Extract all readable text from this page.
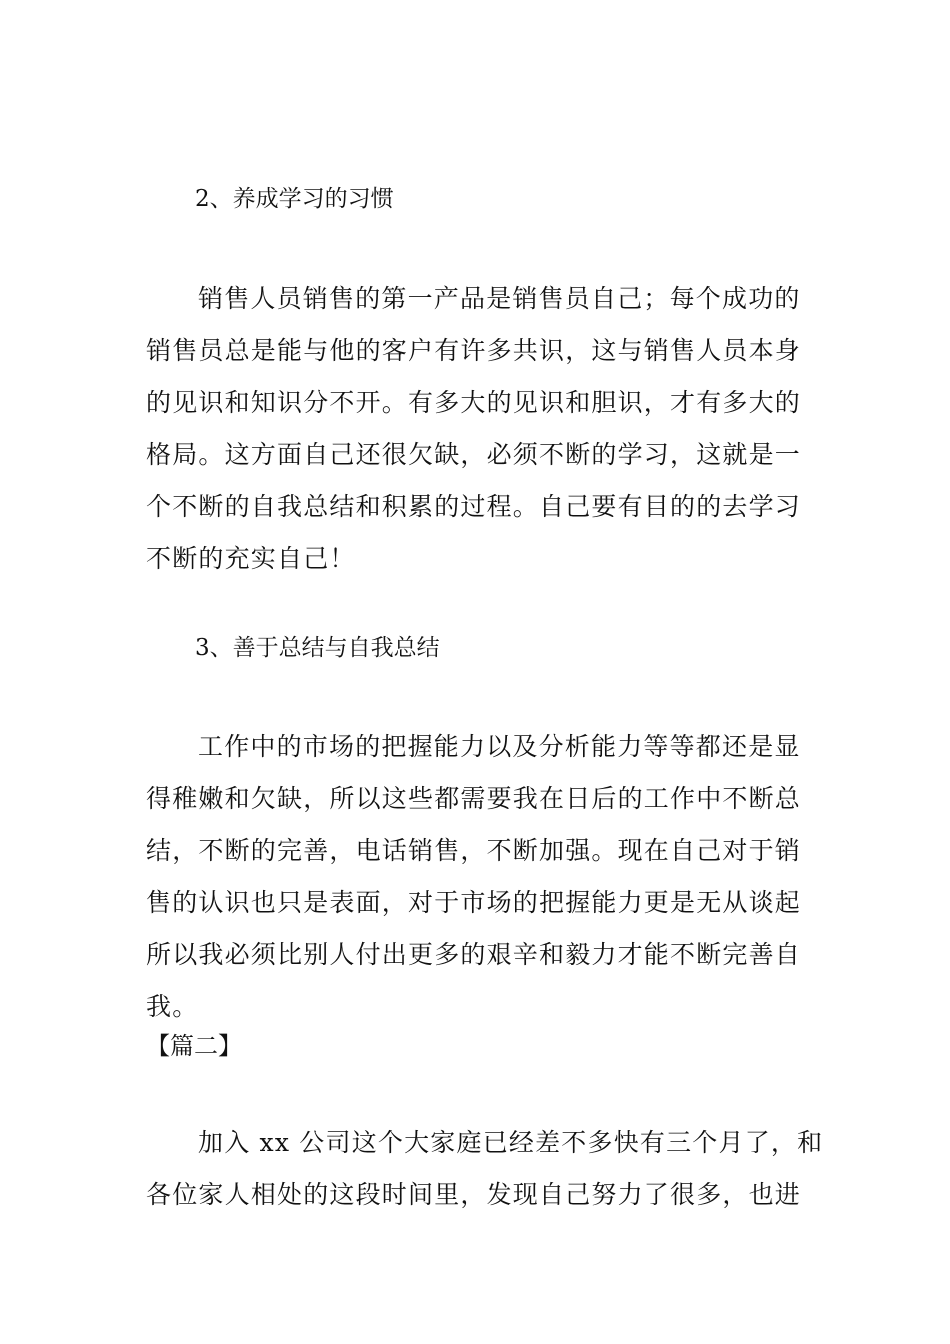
2、养成学习的习惯
销售人员销售的第一产品是销售员自己；每个成功的
销售员总是能与他的客户有许多共识，这与销售人员本身
的见识和知识分不开。有多大的见识和胆识，才有多大的
格局。这方面自己还很欠缺，必须不断的学习，这就是一
个不断的自我总结和积累的过程。自己要有目的的去学习
不断的充实自己！
3、善于总结与自我总结
工作中的市场的把握能力以及分析能力等等都还是显
得稚嫩和欠缺，所以这些都需要我在日后的工作中不断总
结，不断的完善，电话销售，不断加强。现在自己对于销
售的认识也只是表面，对于市场的把握能力更是无从谈起
所以我必须比别人付出更多的艰辛和毅力才能不断完善自
我。
【篇二】
加入 xx 公司这个大家庭已经差不多快有三个月了，和
各位家人相处的这段时间里，发现自己努力了很多，也进
